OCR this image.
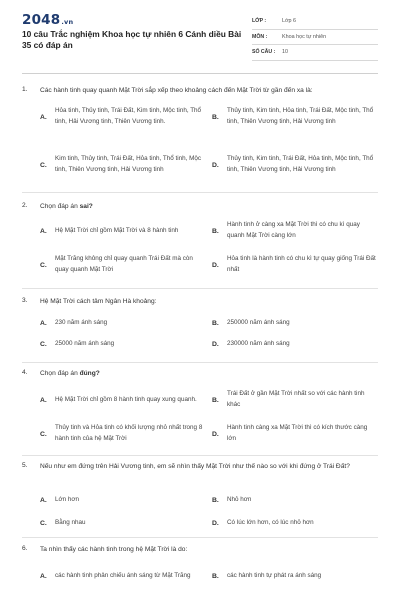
2048.vn
10 câu Trắc nghiệm Khoa học tự nhiên 6 Cánh diều Bài 35 có đáp án
LỚP :	Lớp 6
MÔN :	Khoa học tự nhiên
SỐ CÂU :	10
1. Các hành tinh quay quanh Mặt Trời sắp xếp theo khoảng cách đến Mặt Trời từ gần đến xa là:
A.
Hỏa tinh, Thủy tinh, Trái Đất, Kim tinh, Mộc tinh, Thổ tinh, Hải Vương tinh, Thiên Vương tinh.
B.
Thủy tinh, Kim tinh, Hỏa tinh, Trái Đất, Mộc tinh, Thổ tinh, Thiên Vương tinh, Hải Vương tinh
C.
Kim tinh, Thủy tinh, Trái Đất, Hỏa tinh, Thổ tinh, Mộc tinh, Thiên Vương tinh, Hải Vương tinh
D.
Thủy tinh, Kim tinh, Trái Đất, Hỏa tinh, Mộc tinh, Thổ tinh, Thiên Vương tinh, Hải Vương tinh
2. Chọn đáp án sai?
A.	Hệ Mặt Trời chỉ gồm Mặt Trời và 8 hành tinh	B.
Hành tinh ở càng xa Mặt Trời thì có chu kì quay quanh Mặt Trời càng lớn
C.
Mặt Trăng không chỉ quay quanh Trái Đất mà còn quay quanh Mặt Trời
D.
Hỏa tinh là hành tinh có chu kì tự quay giống Trái Đất nhất
3. Hệ Mặt Trời cách tâm Ngân Hà khoảng:
A.	230 năm ánh sáng	B.	250000 năm ánh sáng
C.	25000 năm ánh sáng	D.	230000 năm ánh sáng
4. Chọn đáp án đúng?
A.	Hệ Mặt Trời chỉ gồm 8 hành tinh quay xung quanh.	B.
Trái Đất ở gần Mặt Trời nhất so với các hành tinh khác
C.
Thủy tinh và Hỏa tinh có khối lượng nhỏ nhất trong 8 hành tinh của hệ Mặt Trời
D.
Hành tinh càng xa Mặt Trời thì có kích thước càng lớn
5. Nếu như em đứng trên Hải Vương tinh, em sẽ nhìn thấy Mặt Trời như thế nào so với khi đứng ở Trái Đất?
A.	Lớn hơn	B.	Nhỏ hơn
C.	Bằng nhau	D.	Có lúc lớn hơn, có lúc nhỏ hơn
6. Ta nhìn thấy các hành tinh trong hệ Mặt Trời là do:
A.	các hành tinh phản chiếu ánh sáng từ Mặt Trăng	B.	các hành tinh tự phát ra ánh sáng
